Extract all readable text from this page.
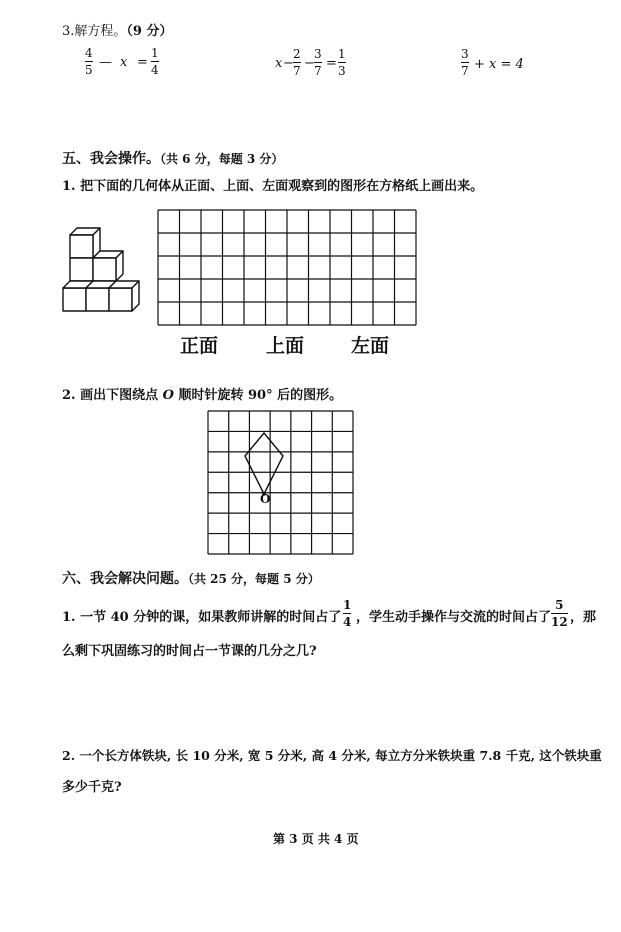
3.解方程。（9 分）
4
5 — x =
1
4	x −
2
7 −
3
7 =
1
3
3
7 + x = 4
五、我会操作。（共 6 分，每题 3 分）
1. 把下面的几何体从正面、上面、左面观察到的图形在方格纸上画出来。
正面	上面 左面
2. 画出下图绕点 O 顺时针旋转 90° 后的图形。
O
六、我会解决问题。（共 25 分，每题 5 分）
1. 一节 40 分钟的课，如果教师讲解的时间占了
1
4 ，学生动手操作与交流的时间占了
5
12 ，那
么剩下巩固练习的时间占一节课的几分之几?
2. 一个长方体铁块, 长 10 分米, 宽 5 分米, 高 4 分米, 每立方分米铁块重 7.8 千克, 这个铁块重
多少千克?
第 3 页 共 4 页
